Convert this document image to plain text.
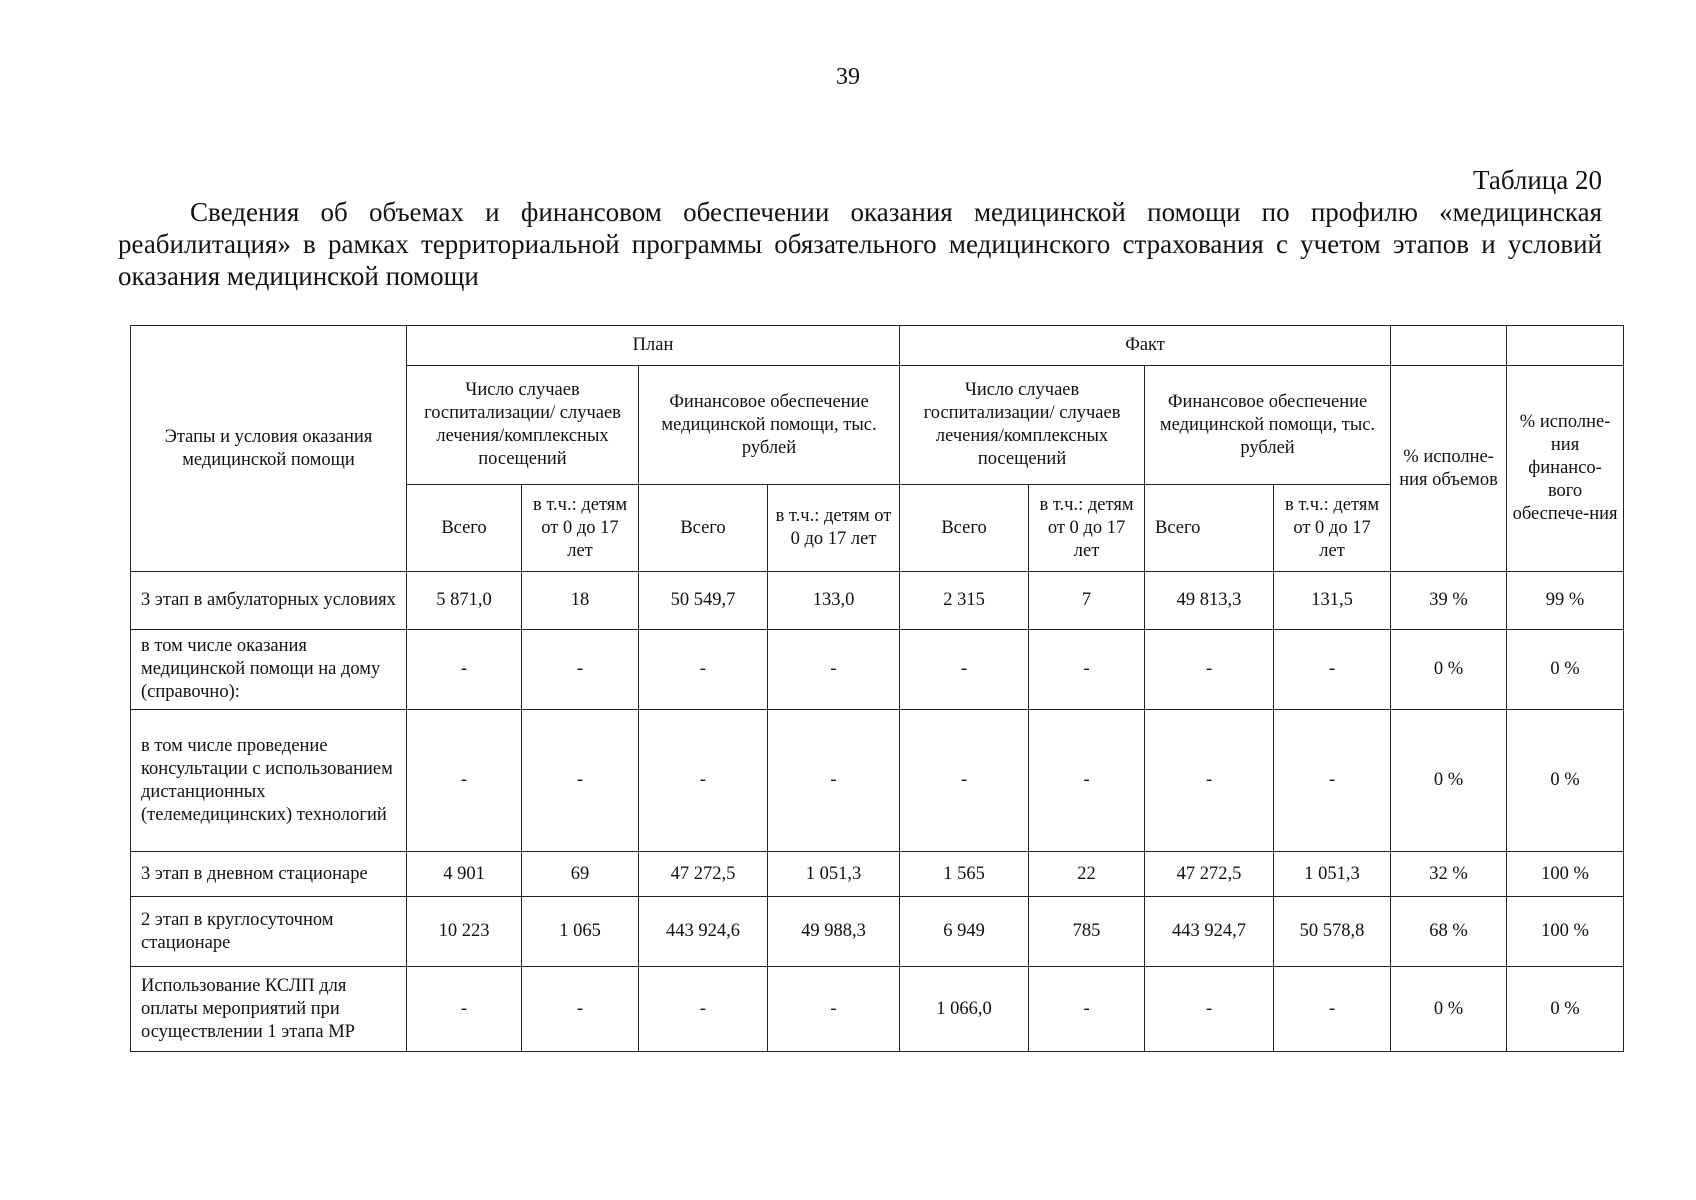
39
Таблица 20
Сведения об объемах и финансовом обеспечении оказания медицинской помощи по профилю «медицинская реабилитация» в рамках территориальной программы обязательного медицинского страхования с учетом этапов и условий оказания медицинской помощи
Этапы и условия оказания медицинской помощи	План				Факт					
	Число случаев госпитализации/ случаев лечения/комплексных посещений		Финансовое обеспечение медицинской помощи, тыс. рублей		Число случаев госпитализации/ случаев лечения/комплексных посещений		Финансовое обеспечение медицинской помощи, тыс. рублей		% исполне-ния объемов	% исполне-ния финансо-вого обеспече-ния
	Всего	в т.ч.: детям от 0 до 17 лет	Всего	в т.ч.: детям от 0 до 17 лет	Всего	в т.ч.: детям от 0 до 17 лет	Всего	в т.ч.: детям от 0 до 17 лет		
3 этап в амбулаторных условиях	5 871,0	18	50 549,7	133,0	2 315	7	49 813,3	131,5	39 %	99 %
в том числе оказания медицинской помощи на дому (справочно):	-	-	-	-	-	-	-	-	0 %	0 %
в том числе проведение консультации с использованием дистанционных (телемедицинских) технологий	-	-	-	-	-	-	-	-	0 %	0 %
3 этап в дневном стационаре	4 901	69	47 272,5	1 051,3	1 565	22	47 272,5	1 051,3	32 %	100 %
2 этап в круглосуточном стационаре	10 223	1 065	443 924,6	49 988,3	6 949	785	443 924,7	50 578,8	68 %	100 %
Использование КСЛП для оплаты мероприятий при осуществлении 1 этапа МР	-	-	-	-	1 066,0	-	-	-	0 %	0 %
